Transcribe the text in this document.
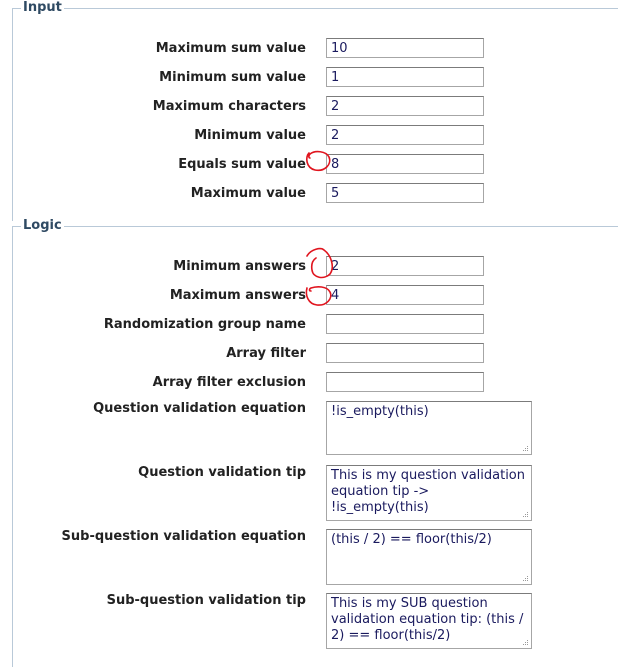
Input
Maximum sum value	10
Minimum sum value	1
Maximum characters	2
Minimum value	2
Equals sum value	8
Maximum value	5
Logic
Minimum answers	2
Maximum answers	4
Randomization group name
Array filter
Array filter exclusion
Question validation equation	!is_empty(this)
Question validation tip	This is my question validation equation tip -> !is_empty(this)
Sub-question validation equation	(this / 2) == floor(this/2)
Sub-question validation tip	This is my SUB question validation equation tip: (this / 2) == floor(this/2)
